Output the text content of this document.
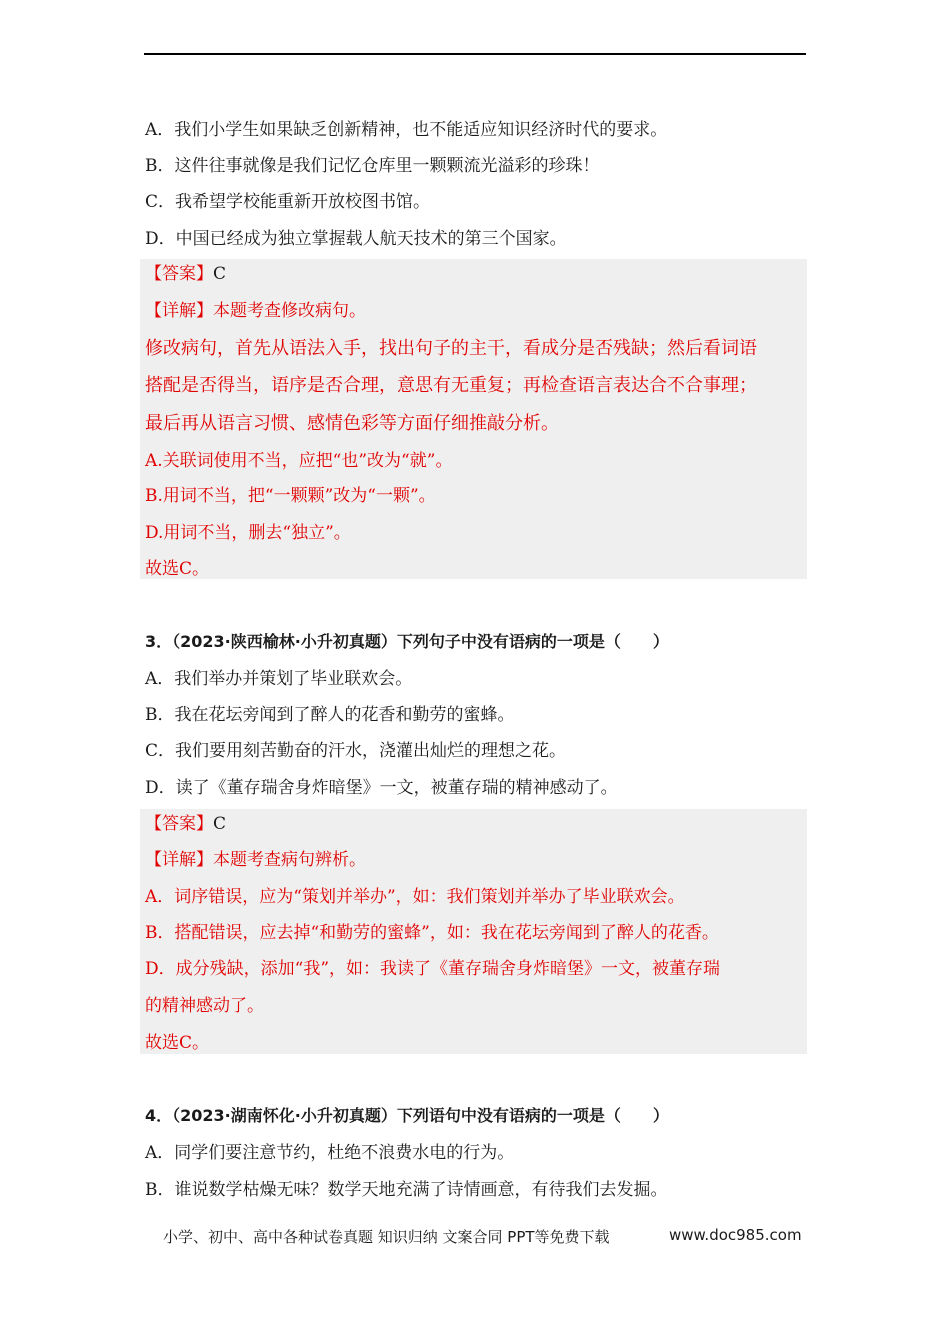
A．我们小学生如果缺乏创新精神，也不能适应知识经济时代的要求。
B．这件往事就像是我们记忆仓库里一颗颗流光溢彩的珍珠！
C．我希望学校能重新开放校图书馆。
D．中国已经成为独立掌握载人航天技术的第三个国家。
【答案】C
【详解】本题考查修改病句。
修改病句，首先从语法入手，找出句子的主干，看成分是否残缺；然后看词语
搭配是否得当，语序是否合理，意思有无重复；再检查语言表达合不合事理；
最后再从语言习惯、感情色彩等方面仔细推敲分析。
A.关联词使用不当，应把“也”改为“就”。
B.用词不当，把“一颗颗”改为“一颗”。
D.用词不当，删去“独立”。
故选C。
3．（2023·陕西榆林·小升初真题）下列句子中没有语病的一项是（　　）
A．我们举办并策划了毕业联欢会。
B．我在花坛旁闻到了醉人的花香和勤劳的蜜蜂。
C．我们要用刻苦勤奋的汗水，浇灌出灿烂的理想之花。
D．读了《董存瑞舍身炸暗堡》一文，被董存瑞的精神感动了。
【答案】C
【详解】本题考查病句辨析。
A．词序错误，应为“策划并举办”，如：我们策划并举办了毕业联欢会。
B．搭配错误，应去掉“和勤劳的蜜蜂”，如：我在花坛旁闻到了醉人的花香。
D．成分残缺，添加“我”，如：我读了《董存瑞舍身炸暗堡》一文，被董存瑞
的精神感动了。
故选C。
4．（2023·湖南怀化·小升初真题）下列语句中没有语病的一项是（　　）
A．同学们要注意节约，杜绝不浪费水电的行为。
B．谁说数学枯燥无味？数学天地充满了诗情画意，有待我们去发掘。
小学、初中、高中各种试卷真题 知识归纳 文案合同 PPT等免费下载	www.doc985.com
